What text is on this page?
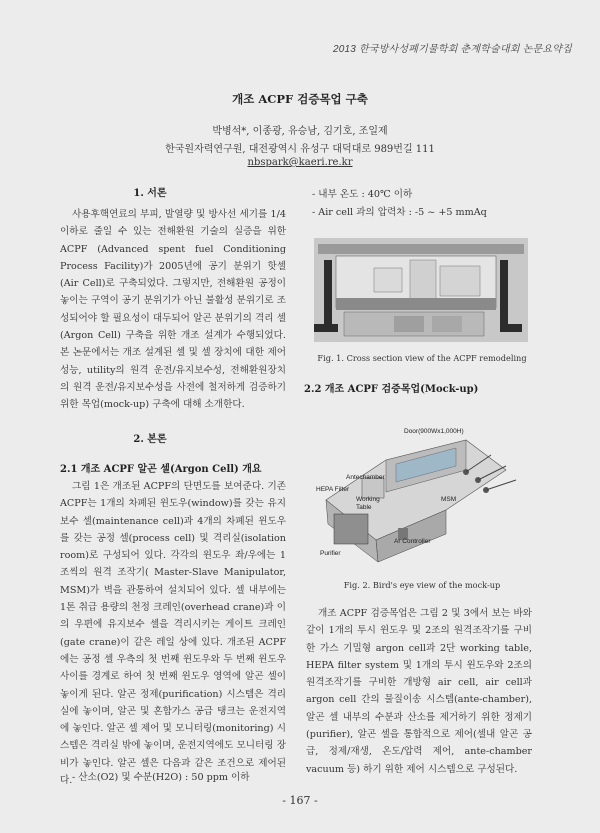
2013 한국방사성폐기물학회 춘계학술대회 논문요약집
개조 ACPF 검증목업 구축
박병석*, 이종광, 유승남, 김기호, 조일제
한국원자력연구원, 대전광역시 유성구 대덕대로 989번길 111
nbspark@kaeri.re.kr
1. 서론

사용후핵연료의 부피, 발열량 및 방사선 세기를 1/4 이하로 줄일 수 있는 전해환원 기술의 실증을 위한 ACPF (Advanced spent fuel Conditioning Process Facility)가 2005년에 공기 분위기 핫셀(Air Cell)로 구축되었다. 그렇지만, 전해환원 공정이 놓이는 구역이 공기 분위기가 아닌 불활성 분위기로 조성되어야 할 필요성이 대두되어 알곤 분위기의 격리 셀(Argon Cell) 구축을 위한 개조 설계가 수행되었다. 본 논문에서는 개조 설계된 셀 및 셀 장치에 대한 제어 성능, utility의 원격 운전/유지보수성, 전해환원장치의 원격 운전/유지보수성을 사전에 철저하게 검증하기 위한 목업(mock-up) 구축에 대해 소개한다.

2. 본론
2.1 개조 ACPF 알곤 셀(Argon Cell) 개요

그림 1은 개조된 ACPF의 단면도를 보여준다. 기존 ACPF는 1개의 차폐된 윈도우(window)를 갖는 유지보수 셀(maintenance cell)과 4개의 차폐된 윈도우를 갖는 공정 셀(process cell) 및 격리실(isolation room)로 구성되어 있다. 각각의 윈도우 좌/우에는 1조씩의 원격 조작기( Master-Slave Manipulator, MSM)가 벽을 관통하여 설치되어 있다. 셀 내부에는 1톤 취급 용량의 천정 크레인(overhead crane)과 이의 우편에 유지보수 셀을 격리시키는 게이트 크레인(gate crane)이 같은 레일 상에 있다. 개조된 ACPF에는 공정 셀 우측의 첫 번째 윈도우와 두 번째 윈도우 사이를 경계로 하여 첫 번째 윈도우 영역에 알곤 셀이 놓이게 된다. 알곤 정제(purification) 시스템은 격리실에 놓이며, 알곤 및 혼합가스 공급 탱크는 운전지역에 놓인다. 알곤 셀 제어 및 모니터링(monitoring) 시스템은 격리실 밖에 놓이며, 운전지역에도 모니터링 장비가 놓인다. 알곤 셀은 다음과 같은 조건으로 제어된다. - 산소(O2) 및 수분(H2O) : 50 ppm 이하
- 내부 온도 : 40℃ 이하
- Air cell 과의 압력차 : -5 ~ +5 mmAq
Fig. 1. Cross section view of the ACPF remodeling
2.2 개조 ACPF 검증목업(Mock-up)
Door(900Wx1,000H)
Antechamber
HEPA Filter
Working Table
MSM
Ar Controller
Purifier
Fig. 2. Bird's eye view of the mock-up

개조 ACPF 검증목업은 그림 2 및 3에서 보는 바와 같이 1개의 투시 윈도우 및 2조의 원격조작기를 구비한 가스 기밀형 argon cell과 2단 working table, HEPA filter system 및 1개의 투시 윈도우와 2조의 원격조작기를 구비한 개방형 air cell, air cell과 argon cell 간의 물질이송 시스템(ante-chamber), 알곤 셀 내부의 수분과 산소를 제거하기 위한 정제기(purifier), 알곤 셀을 통합적으로 제어(셀내 알곤 공급, 정제/재생, 온도/압력 제어, ante-chamber vacuum 등) 하기 위한 제어 시스템으로 구성된다.

- 167 -
